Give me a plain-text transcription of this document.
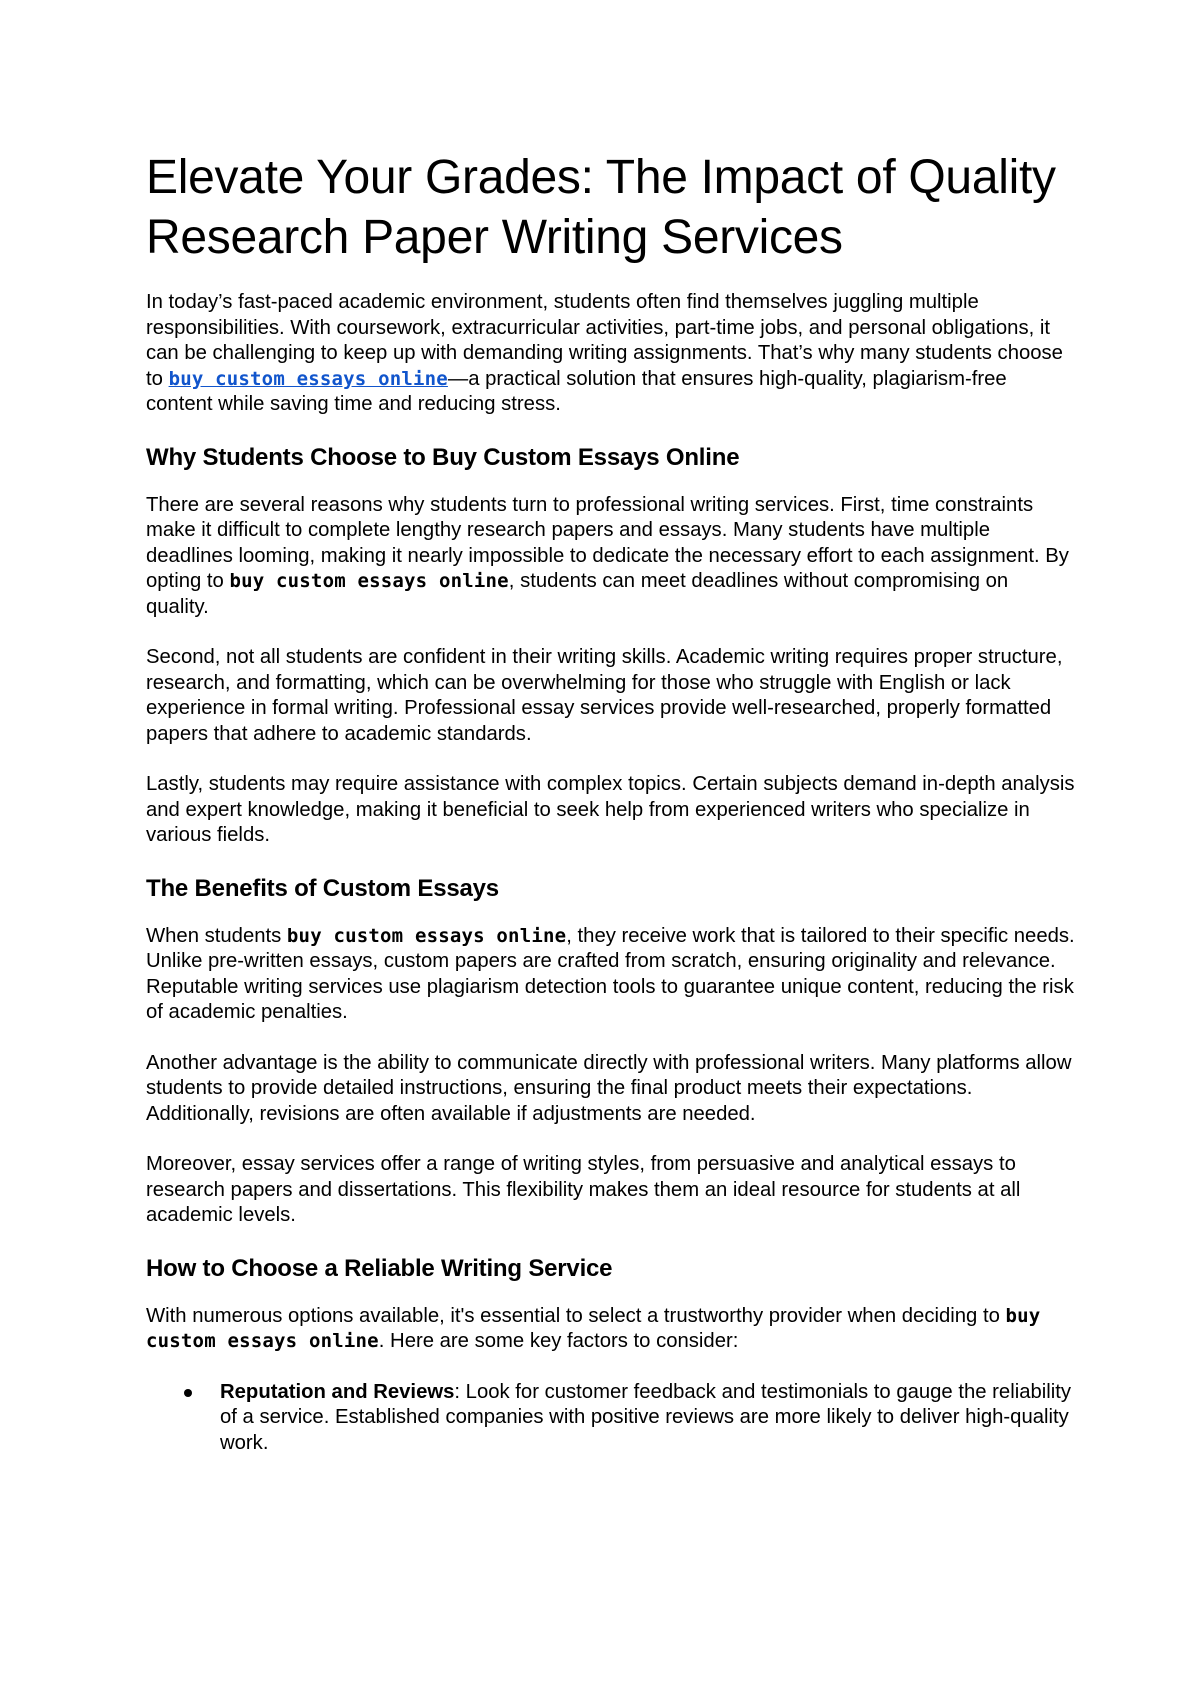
Elevate Your Grades: The Impact of Quality Research Paper Writing Services

In today’s fast-paced academic environment, students often find themselves juggling multiple responsibilities. With coursework, extracurricular activities, part-time jobs, and personal obligations, it can be challenging to keep up with demanding writing assignments. That’s why many students choose to buy custom essays online—a practical solution that ensures high-quality, plagiarism-free content while saving time and reducing stress.

Why Students Choose to Buy Custom Essays Online

There are several reasons why students turn to professional writing services. First, time constraints make it difficult to complete lengthy research papers and essays. Many students have multiple deadlines looming, making it nearly impossible to dedicate the necessary effort to each assignment. By opting to buy custom essays online, students can meet deadlines without compromising on quality.

Second, not all students are confident in their writing skills. Academic writing requires proper structure, research, and formatting, which can be overwhelming for those who struggle with English or lack experience in formal writing. Professional essay services provide well-researched, properly formatted papers that adhere to academic standards.

Lastly, students may require assistance with complex topics. Certain subjects demand in-depth analysis and expert knowledge, making it beneficial to seek help from experienced writers who specialize in various fields.

The Benefits of Custom Essays

When students buy custom essays online, they receive work that is tailored to their specific needs. Unlike pre-written essays, custom papers are crafted from scratch, ensuring originality and relevance. Reputable writing services use plagiarism detection tools to guarantee unique content, reducing the risk of academic penalties.

Another advantage is the ability to communicate directly with professional writers. Many platforms allow students to provide detailed instructions, ensuring the final product meets their expectations. Additionally, revisions are often available if adjustments are needed.

Moreover, essay services offer a range of writing styles, from persuasive and analytical essays to research papers and dissertations. This flexibility makes them an ideal resource for students at all academic levels.

How to Choose a Reliable Writing Service

With numerous options available, it's essential to select a trustworthy provider when deciding to buy custom essays online. Here are some key factors to consider:

Reputation and Reviews: Look for customer feedback and testimonials to gauge the reliability of a service. Established companies with positive reviews are more likely to deliver high-quality work.
